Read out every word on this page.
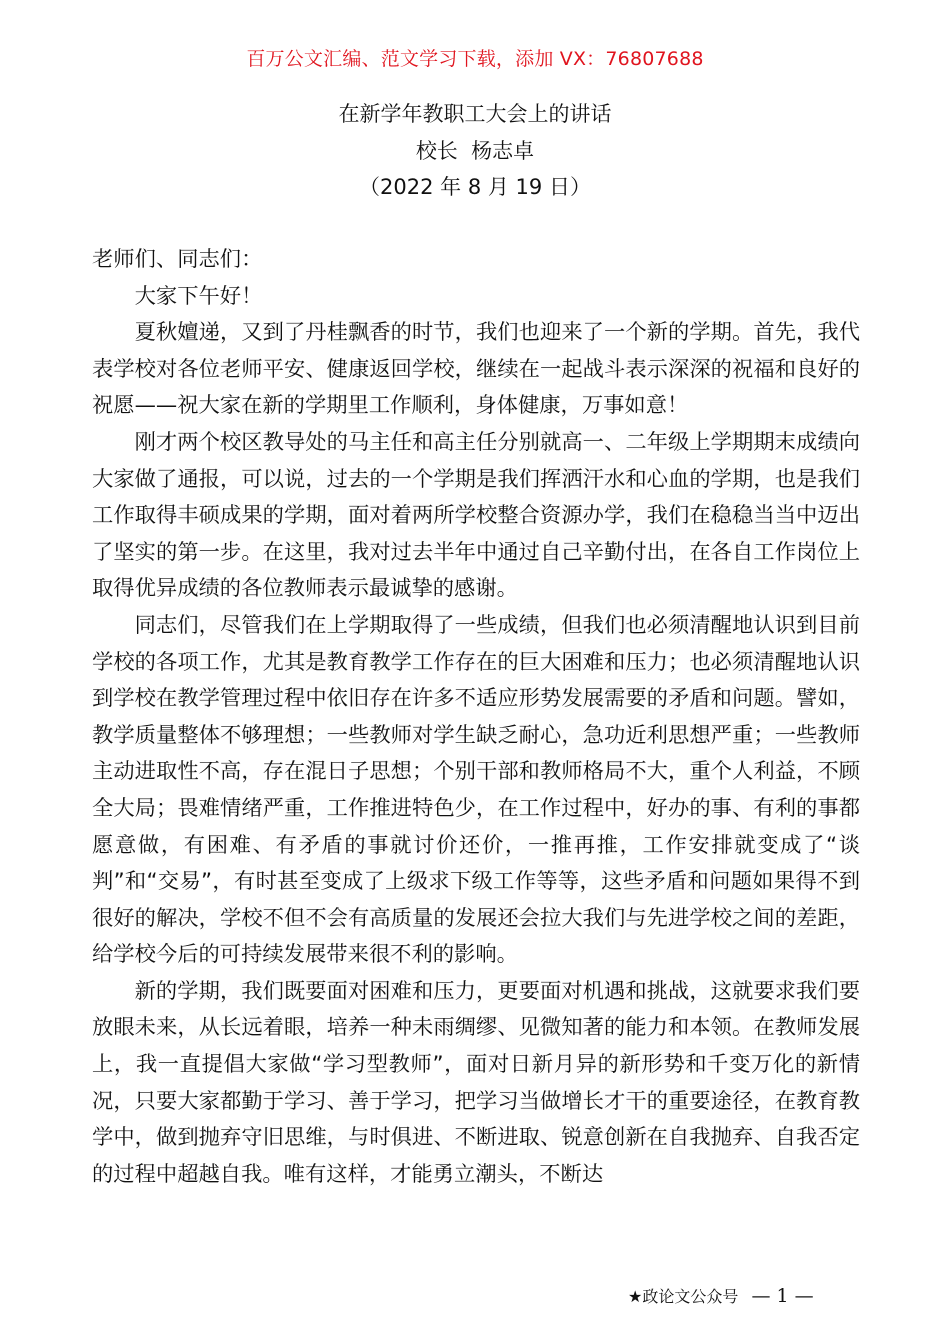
百万公文汇编、范文学习下载，添加 VX：76807688
在新学年教职工大会上的讲话
校长  杨志卓
（2022 年 8 月 19 日）

老师们、同志们：

大家下午好！

夏秋嬗递，又到了丹桂飘香的时节，我们也迎来了一个新的学期。首先，我代表学校对各位老师平安、健康返回学校，继续在一起战斗表示深深的祝福和良好的祝愿——祝大家在新的学期里工作顺利，身体健康，万事如意！

刚才两个校区教导处的马主任和高主任分别就高一、二年级上学期期末成绩向大家做了通报，可以说，过去的一个学期是我们挥洒汗水和心血的学期，也是我们工作取得丰硕成果的学期，面对着两所学校整合资源办学，我们在稳稳当当中迈出了坚实的第一步。在这里，我对过去半年中通过自己辛勤付出，在各自工作岗位上取得优异成绩的各位教师表示最诚挚的感谢。

同志们，尽管我们在上学期取得了一些成绩，但我们也必须清醒地认识到目前学校的各项工作，尤其是教育教学工作存在的巨大困难和压力；也必须清醒地认识到学校在教学管理过程中依旧存在许多不适应形势发展需要的矛盾和问题。譬如，教学质量整体不够理想；一些教师对学生缺乏耐心，急功近利思想严重；一些教师主动进取性不高，存在混日子思想；个别干部和教师格局不大，重个人利益，不顾全大局；畏难情绪严重，工作推进特色少，在工作过程中，好办的事、有利的事都愿意做，有困难、有矛盾的事就讨价还价，一推再推，工作安排就变成了“谈判”和“交易”，有时甚至变成了上级求下级工作等等，这些矛盾和问题如果得不到很好的解决，学校不但不会有高质量的发展还会拉大我们与先进学校之间的差距，给学校今后的可持续发展带来很不利的影响。

新的学期，我们既要面对困难和压力，更要面对机遇和挑战，这就要求我们要放眼未来，从长远着眼，培养一种未雨绸缪、见微知著的能力和本领。在教师发展上，我一直提倡大家做“学习型教师”，面对日新月异的新形势和千变万化的新情况，只要大家都勤于学习、善于学习，把学习当做增长才干的重要途径，在教育教学中，做到抛弃守旧思维，与时俱进、不断进取、锐意创新在自我抛弃、自我否定的过程中超越自我。唯有这样，才能勇立潮头，不断达

★政论文公众号 — 1 —
